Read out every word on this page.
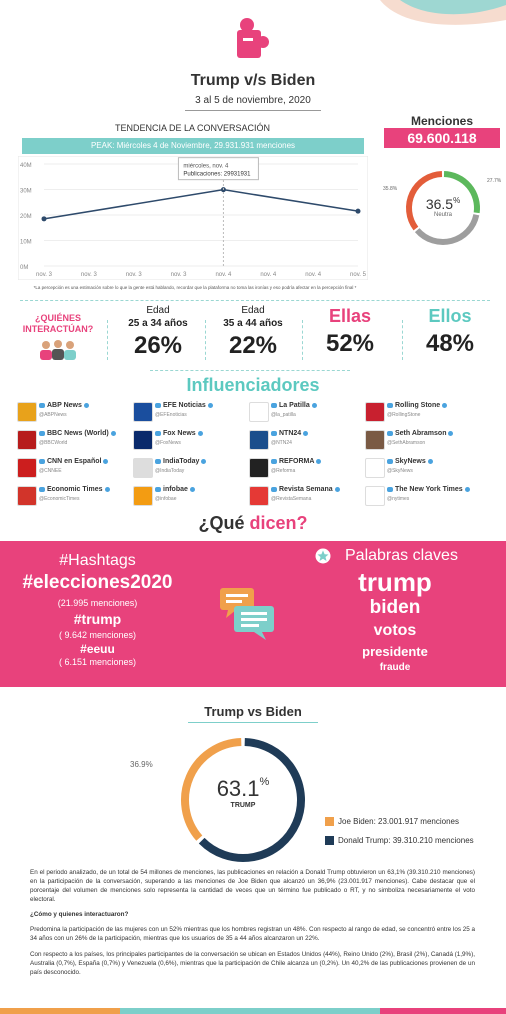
Trump v/s Biden
3 al 5 de noviembre, 2020
TENDENCIA DE LA CONVERSACIÓN
PEAK: Miércoles 4 de Noviembre, 29.931.931 menciones
40M
30M
20M
10M
0M
nov. 3	nov. 3	nov. 3	nov. 3	nov. 4	nov. 4	nov. 4	nov. 5
miércoles, nov. 4
Publicaciones: 29931931
*La percepción es una estimación sobre lo que la gente está hablando, recordar que la plataforma no toma las ironías y eso podría afectar en la percepción final *
Menciones
69.600.118
35.8%
27.7%
36.5%
Neutra
¿QUIÉNES
INTERACTÚAN?
Edad
25 a 34 años
26%
Edad
35 a 44 años
22%
Ellas
52%
Ellos
48%
Influenciadores
ABP News
@ABPNews
EFE Noticias
@EFEnoticias
La Patilla
@la_patilla
Rolling Stone
@RollingStone
BBC News (World)
@BBCWorld
Fox News
@FoxNews
NTN24
@NTN24
Seth Abramson
@SethAbramson
CNN en Español
@CNNEE
IndiaToday
@IndiaToday
REFORMA
@Reforma
SkyNews
@SkyNews
Economic Times
@EconomicTimes
infobae
@infobae
Revista Semana
@RevistaSemana
The New York Times
@nytimes
¿Qué dicen?
#Hashtags
#elecciones2020
(21.995 menciones)
#trump
( 9.642 menciones)
#eeuu
( 6.151 menciones)
Palabras claves
trump
biden
votos
presidente
fraude
Trump vs Biden
36.9%
63.1%
TRUMP
Joe Biden: 23.001.917 menciones
Donald Trump: 39.310.210 menciones
En el periodo analizado, de un total de 54 millones de menciones, las publicaciones en relación a Donald Trump obtuvieron un 63,1% (39.310.210 menciones) en la participación de la conversación, superando a las menciones de Joe Biden que alcanzó un 36,9% (23.001.917 menciones). Cabe destacar que el porcentaje del volumen de menciones solo representa la cantidad de veces que un término fue publicado o RT, y no simboliza necesariamente el voto electoral.
¿Cómo y quienes interactuaron?
Predomina la participación de las mujeres con un 52% mientras que los hombres registran un 48%. Con respecto al rango de edad, se concentró entre los 25 a 34 años con un 26% de la participación, mientras que los usuarios de 35 a 44 años alcanzaron un 22%.
Con respecto a los países, los principales participantes de la conversación se ubican en Estados Unidos (44%), Reino Unido (2%), Brasil (2%), Canadá (1,9%), Australia (0,7%), España (0,7%) y Venezuela (0,6%), mientras que la participación de Chile alcanza un (0,2%). Un 40,2% de las publicaciones provienen de un país desconocido.
